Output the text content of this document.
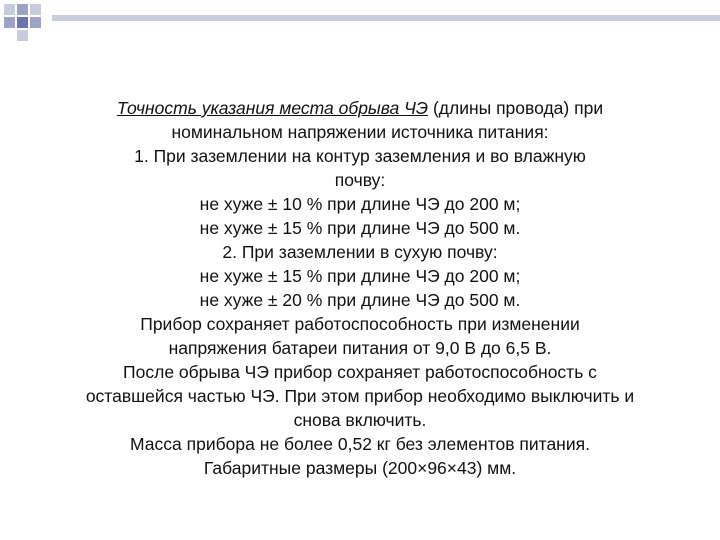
Точность указания места обрыва ЧЭ (длины провода) при

номинальном напряжении источника питания:

1. При заземлении на контур заземления и во влажную

почву:

не хуже ± 10 % при длине ЧЭ до 200 м;

не хуже ± 15 % при длине ЧЭ до 500 м.

2. При заземлении в сухую почву:

не хуже ± 15 % при длине ЧЭ до 200 м;

не хуже ± 20 % при длине ЧЭ до 500 м.

Прибор сохраняет работоспособность при изменении

напряжения батареи питания от 9,0 В до 6,5 В.

После обрыва ЧЭ прибор сохраняет работоспособность с

оставшейся частью ЧЭ. При этом прибор необходимо выключить и

снова включить.

Масса прибора не более 0,52 кг без элементов питания.

Габаритные размеры (200×96×43) мм.
